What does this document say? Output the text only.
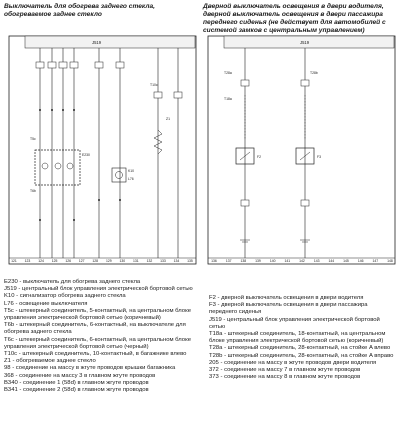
Выключатель для обогрева заднего стекла, обогреваемое заднее стекло
Дверной выключатель освещения в двери водителя, дверной выключатель освещения в двери пассажира переднего сиденья (не действует для автомобилей с системой замков с центральным управлением)
J519
E230
T5c
T6b
K10
L76
T10c
Z1
J519
T28a
T18a
F2	F3
T28b
121 123 124 125 126 127 128 129 130 131 132 133 134 135	136	137	138	139	140	141	142	143	144	145	146	147	148
E230 - выключатель для обогрева заднего стекла
J519 - центральный блок управления электрической бортовой сетью
K10 - сигнализатор обогрева заднего стекла
L76 - освещение выключателя
T5c - штекерный соединитель, 5-контактный, на центральном блоке управления электрической бортовой сетью (коричневый)
T6b - штекерный соединитель, 6-контактный, на выключателе для обогрева заднего стекла
T6c - штекерный соединитель, 6-контактный, на центральном блоке управления электрической бортовой сетью (черный)
T10c - штекерный соединитель, 10-контактный, в багажнике влево
Z1 - обогреваемое заднее стекло
98 - соединение на массу в жгуте проводов крышки багажника
368 - соединение на массу 3 в главном жгуте проводов
B340 - соединение 1 (58d) в главном жгуте проводов
B341 - соединение 2 (58d) в главном жгуте проводов
F2 - дверной выключатель освещения в двери водителя
F3 - дверной выключатель освещения в двери пассажира переднего сиденья
J519 - центральный блок управления электрической бортовой сетью
T18a - штекерный соединитель, 18-контактный, на центральном блоке управления электрической бортовой сетью (коричневый)
T28a - штекерный соединитель, 28-контактный, на стойке A влево
T28b - штекерный соединитель, 28-контактный, на стойке A вправо
205 - соединение на массу в жгуте проводов двери водителя
372 - соединение на массу 7 в главном жгуте проводов
373 - соединение на массу 8 в главном жгуте проводов
